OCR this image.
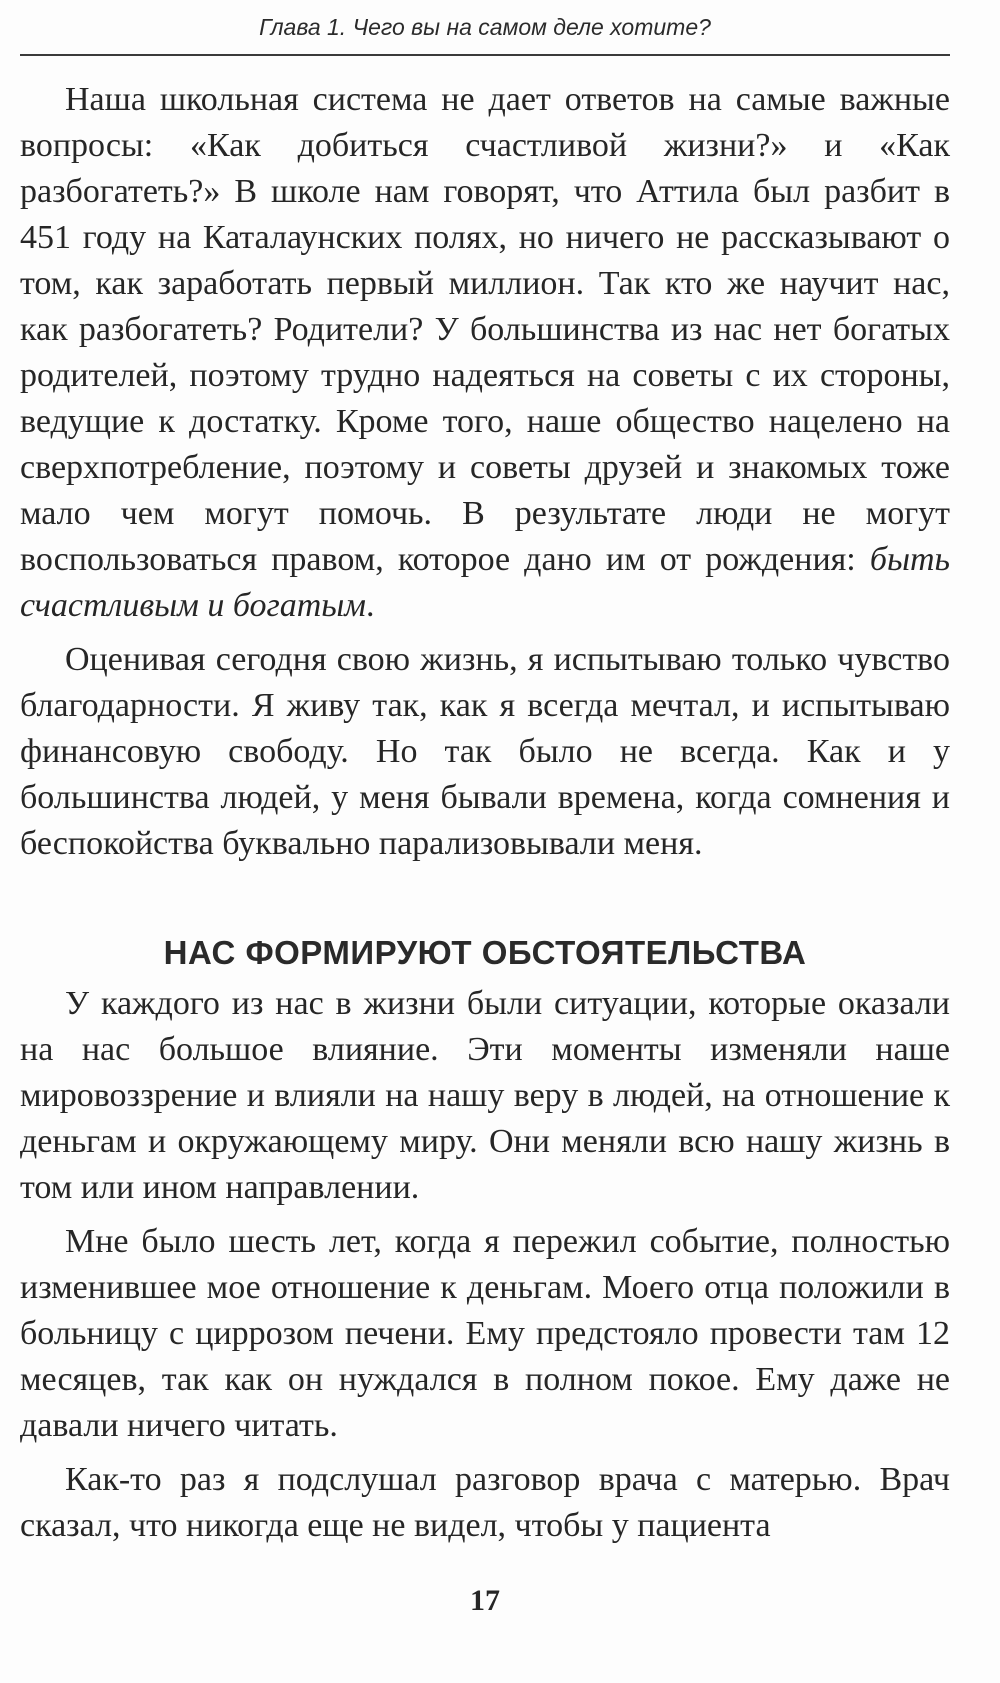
Глава 1. Чего вы на самом деле хотите?

Наша школьная система не дает ответов на самые важные вопросы: «Как добиться счастливой жизни?» и «Как разбогатеть?» В школе нам говорят, что Аттила был разбит в 451 году на Каталаунских полях, но ничего не рассказывают о том, как заработать первый миллион. Так кто же научит нас, как разбогатеть? Родители? У большинства из нас нет богатых родителей, поэтому трудно надеяться на советы с их стороны, ведущие к достатку. Кроме того, наше общество нацелено на сверхпотребление, поэтому и советы друзей и знакомых тоже мало чем могут помочь. В результате люди не могут воспользоваться правом, которое дано им от рождения: быть счастливым и богатым.

Оценивая сегодня свою жизнь, я испытываю только чувство благодарности. Я живу так, как я всегда мечтал, и испытываю финансовую свободу. Но так было не всегда. Как и у большинства людей, у меня бывали времена, когда сомнения и беспокойства буквально парализовывали меня.

НАС ФОРМИРУЮТ ОБСТОЯТЕЛЬСТВА

У каждого из нас в жизни были ситуации, которые оказали на нас большое влияние. Эти моменты изменяли наше мировоззрение и влияли на нашу веру в людей, на отношение к деньгам и окружающему миру. Они меняли всю нашу жизнь в том или ином направлении.

Мне было шесть лет, когда я пережил событие, полностью изменившее мое отношение к деньгам. Моего отца положили в больницу с циррозом печени. Ему предстояло провести там 12 месяцев, так как он нуждался в полном покое. Ему даже не давали ничего читать.

Как-то раз я подслушал разговор врача с матерью. Врач сказал, что никогда еще не видел, чтобы у пациента

17
